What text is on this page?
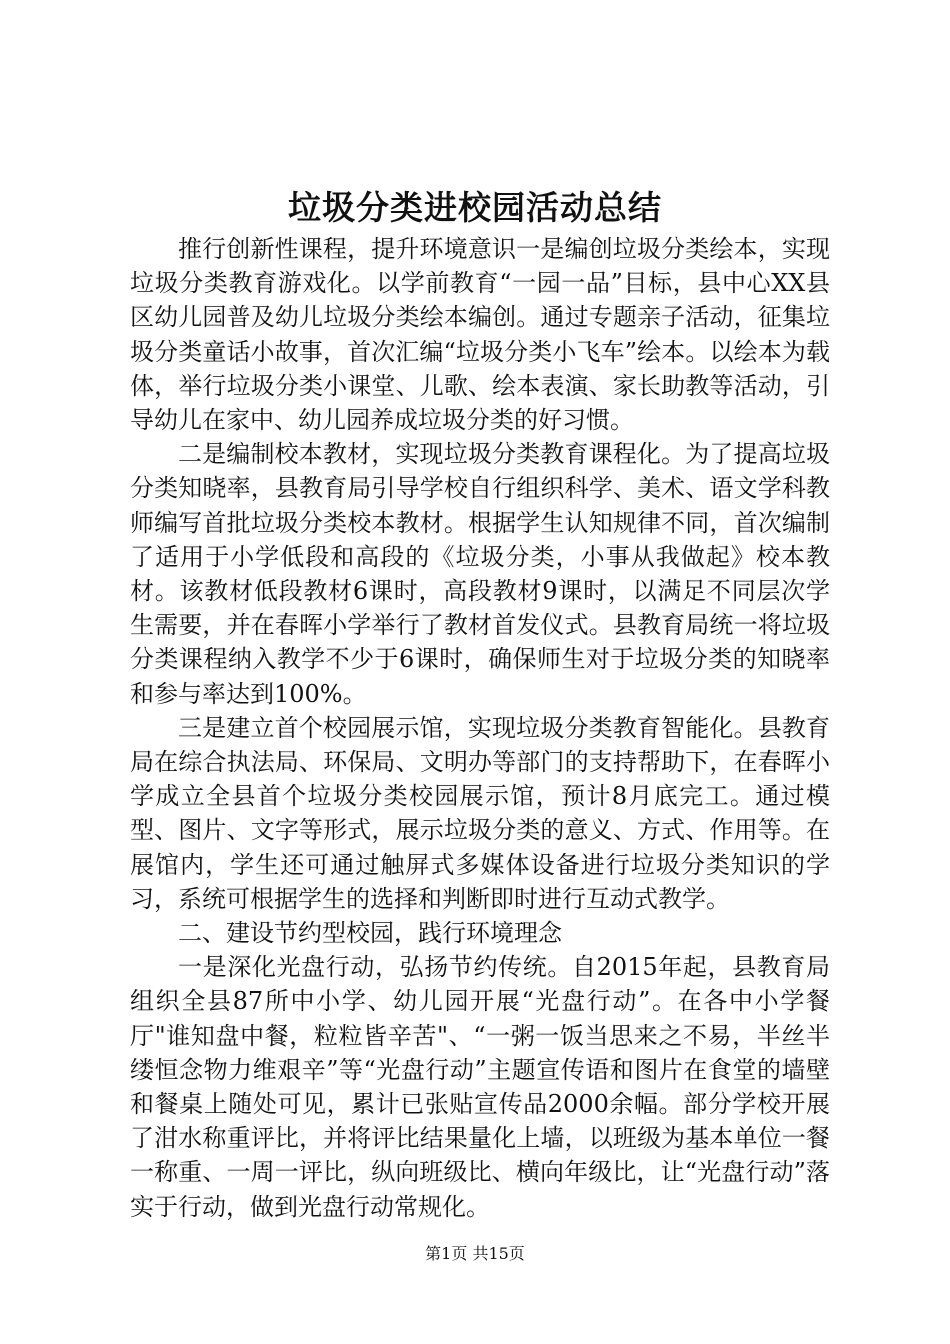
垃圾分类进校园活动总结

推行创新性课程，提升环境意识一是编创垃圾分类绘本，实现垃圾分类教育游戏化。以学前教育“一园一品”目标，县中心XX县区幼儿园普及幼儿垃圾分类绘本编创。通过专题亲子活动，征集垃圾分类童话小故事，首次汇编“垃圾分类小飞车”绘本。以绘本为载体，举行垃圾分类小课堂、儿歌、绘本表演、家长助教等活动，引导幼儿在家中、幼儿园养成垃圾分类的好习惯。

二是编制校本教材，实现垃圾分类教育课程化。为了提高垃圾分类知晓率，县教育局引导学校自行组织科学、美术、语文学科教师编写首批垃圾分类校本教材。根据学生认知规律不同，首次编制了适用于小学低段和高段的《垃圾分类，小事从我做起》校本教材。该教材低段教材6课时，高段教材9课时，以满足不同层次学生需要，并在春晖小学举行了教材首发仪式。县教育局统一将垃圾分类课程纳入教学不少于6课时，确保师生对于垃圾分类的知晓率和参与率达到100%。

三是建立首个校园展示馆，实现垃圾分类教育智能化。县教育局在综合执法局、环保局、文明办等部门的支持帮助下，在春晖小学成立全县首个垃圾分类校园展示馆，预计8月底完工。通过模型、图片、文字等形式，展示垃圾分类的意义、方式、作用等。在展馆内，学生还可通过触屏式多媒体设备进行垃圾分类知识的学习，系统可根据学生的选择和判断即时进行互动式教学。

二、建设节约型校园，践行环境理念

一是深化光盘行动，弘扬节约传统。自2015年起，县教育局组织全县87所中小学、幼儿园开展“光盘行动”。在各中小学餐厅"谁知盘中餐，粒粒皆辛苦"、“一粥一饭当思来之不易，半丝半缕恒念物力维艰辛”等“光盘行动”主题宣传语和图片在食堂的墙壁和餐桌上随处可见，累计已张贴宣传品2000余幅。部分学校开展了泔水称重评比，并将评比结果量化上墙，以班级为基本单位一餐一称重、一周一评比，纵向班级比、横向年级比，让“光盘行动”落实于行动，做到光盘行动常规化。

第1页 共15页
